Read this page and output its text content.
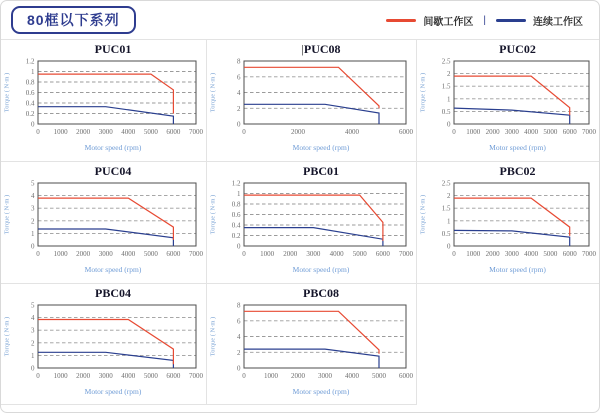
80框以下系列	间歇工作区 |	连续工作区
PUC01
0
0.2
0.4
0.6
0.8
1
1.2
0 1000 2000 3000 4000 5000 6000 7000
Torque ( N·m )
Motor speed (rpm)
|PUC08
0
2
4
6
8
0	2000	4000	6000
Torque ( N·m )
Motor speed (rpm)
PUC02
0
0.5
1
1.5
2
2.5
0 1000 2000 3000 4000 5000 6000 7000
Torque ( N·m )
Motor speed (rpm)
PUC04
0
1
2
3
4
5
0 1000 2000 3000 4000 5000 6000 7000
Torque ( N·m )
Motor speed (rpm)
PBC01
0
0.2
0.4
0.6
0.8
1
1.2
0 1000 2000 3000 4000 5000 6000 7000
Torque ( N·m )
Motor speed (rpm)
PBC02
0
0.5
1
1.5
2
2.5
0 1000 2000 3000 4000 5000 6000 7000
Torque ( N·m )
Motor speed (rpm)
PBC04
0
1
2
3
4
5
0 1000 2000 3000 4000 5000 6000 7000
Torque ( N·m )
Motor speed (rpm)
PBC08
0
2
4
6
8
0	1000 2000 3000 4000 5000 6000
Torque ( N·m )
Motor speed (rpm)
